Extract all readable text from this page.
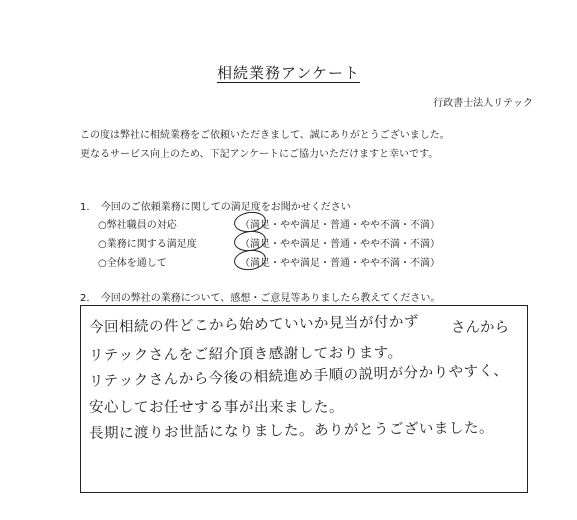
相続業務アンケート
行政書士法人リテック
この度は弊社に相続業務をご依頼いただきまして、誠にありがとうございました。
更なるサービス向上のため、下記アンケートにご協力いただけますと幸いです。
1. 今回のご依頼業務に関しての満足度をお聞かせください
○弊社職員の対応	（満足・やや満足・普通・やや不満・不満）
○業務に関する満足度	（満足・やや満足・普通・やや不満・不満）
○全体を通して	（満足・やや満足・普通・やや不満・不満）
2. 今回の弊社の業務について、感想・ご意見等ありましたら教えてください。
今回相続の件どこから始めていいか見当が付かず	さんから
リテックさんをご紹介頂き感謝しております。
リテックさんから今後の相続進め手順の説明が分かりやすく、
安心してお任せする事が出来ました。
長期に渡りお世話になりました。ありがとうございました。
